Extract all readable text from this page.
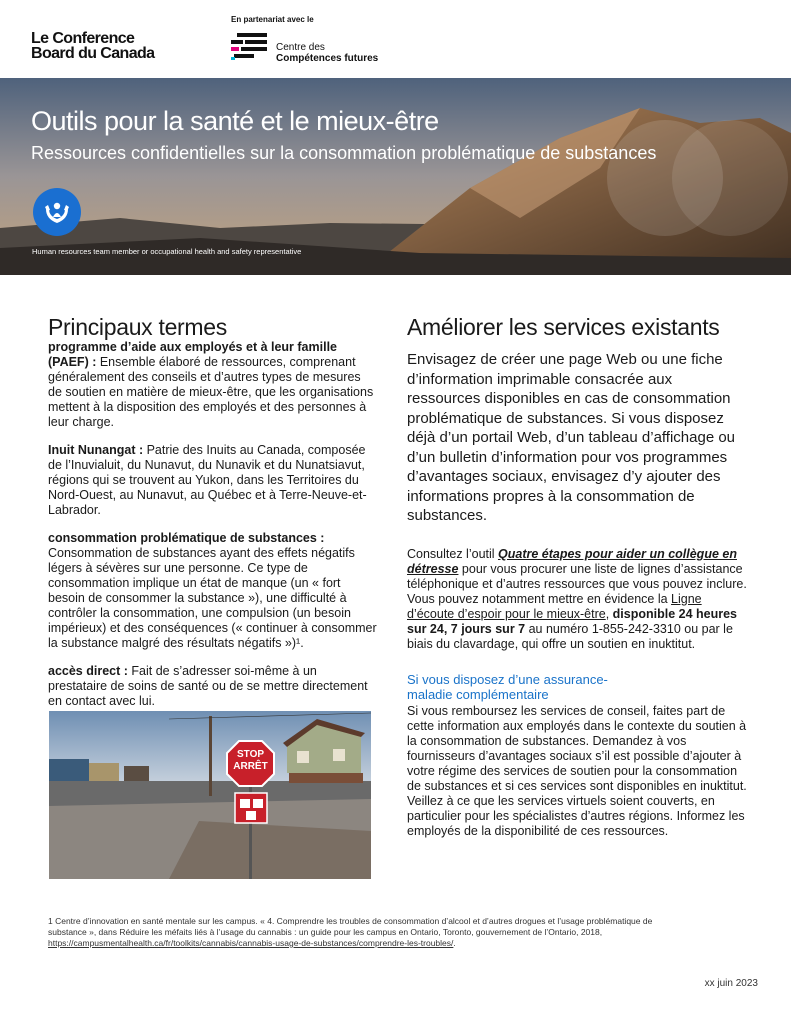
Le Conference
Board du Canada
En partenariat avec le
Centre des
Compétences futures
Outils pour la santé et le mieux-être
Ressources confidentielles sur la consommation problématique de substances
Human resources team member or occupational health and safety representative
Principaux termes
programme d’aide aux employés et à leur famille (PAEF) : Ensemble élaboré de ressources, comprenant généralement des conseils et d’autres types de mesures de soutien en matière de mieux-être, que les organisations mettent à la disposition des employés et des personnes à leur charge.
Inuit Nunangat : Patrie des Inuits au Canada, composée de l’Inuvialuit, du Nunavut, du Nunavik et du Nunatsiavut, régions qui se trouvent au Yukon, dans les Territoires du Nord-Ouest, au Nunavut, au Québec et à Terre-Neuve-et-Labrador.
consommation problématique de substances : Consommation de substances ayant des effets négatifs légers à sévères sur une personne. Ce type de consommation implique un état de manque (un « fort besoin de consommer la substance »), une difficulté à contrôler la consommation, une compulsion (un besoin impérieux) et des conséquences (« continuer à consommer la substance malgré des résultats négatifs »)¹.
accès direct : Fait de s’adresser soi-même à un prestataire de soins de santé ou de se mettre directement en contact avec lui.
STOP
ARRÊT
Améliorer les services existants

Envisagez de créer une page Web ou une fiche d’information imprimable consacrée aux ressources disponibles en cas de consommation problématique de substances. Si vous disposez déjà d’un portail Web, d’un tableau d’affichage ou d’un bulletin d’information pour vos programmes d’avantages sociaux, envisagez d’y ajouter des informations propres à la consommation de substances.

Consultez l’outil Quatre étapes pour aider un collègue en détresse pour vous procurer une liste de lignes d’assistance téléphonique et d’autres ressources que vous pouvez inclure. Vous pouvez notamment mettre en évidence la Ligne d’écoute d’espoir pour le mieux-être, disponible 24 heures sur 24, 7 jours sur 7 au numéro 1-855-242-3310 ou par le biais du clavardage, qui offre un soutien en inuktitut.

Si vous disposez d’une assurance-maladie complémentaire

Si vous remboursez les services de conseil, faites part de cette information aux employés dans le contexte du soutien à la consommation de substances. Demandez à vos fournisseurs d’avantages sociaux s’il est possible d’ajouter à votre régime des services de soutien pour la consommation de substances et si ces services sont disponibles en inuktitut. Veillez à ce que les services virtuels soient couverts, en particulier pour les spécialistes d’autres régions. Informez les employés de la disponibilité de ces ressources.

1 Centre d’innovation en santé mentale sur les campus. « 4. Comprendre les troubles de consommation d’alcool et d’autres drogues et l’usage problématique de substance », dans Réduire les méfaits liés à l’usage du cannabis : un guide pour les campus en Ontario, Toronto, gouvernement de l’Ontario, 2018, https://campusmentalhealth.ca/fr/toolkits/cannabis/cannabis-usage-de-substances/comprendre-les-troubles/.
xx juin 2023
